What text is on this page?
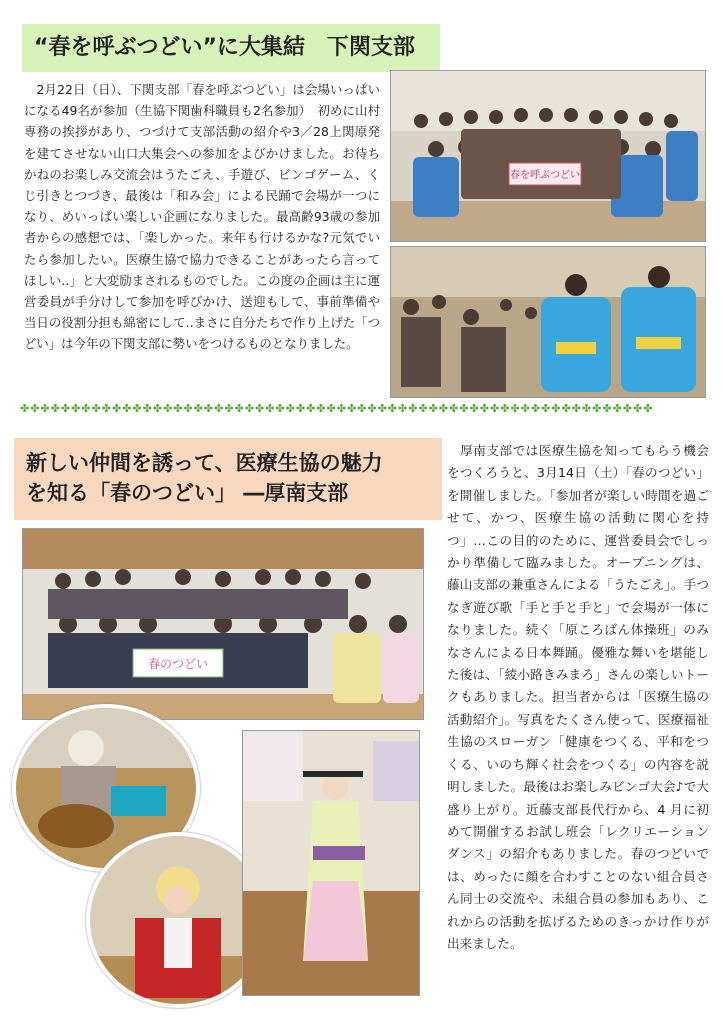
“春を呼ぶつどい”に大集結　下関支部
　2月22日（日）、下関支部「春を呼ぶつどい」は会場いっぱいになる49名が参加（生協下関歯科職員も2名参加）　初めに山村専務の挨拶があり、つづけて支部活動の紹介や3／28上関原発を建てさせない山口大集会への参加をよびかけました。お待ちかねのお楽しみ交流会はうたごえ、手遊び、ビンゴゲーム、くじ引きとつづき、最後は「和み会」による民踊で会場が一つになり、めいっぱい楽しい企画になりました。最高齢93歳の参加者からの感想では、「楽しかった。来年も行けるかな?元気でいたら参加したい。医療生協で協力できることがあったら言ってほしい‥」と大変励まされるものでした。この度の企画は主に運営委員が手分けして参加を呼びかけ、送迎もして、事前準備や当日の役割分担も綿密にして‥まさに自分たちで作り上げた「つどい」は今年の下関支部に勢いをつけるものとなりました。
春を呼ぶつどい
✤✤✤✤✤✤✤✤✤✤✤✤✤✤✤✤✤✤✤✤✤✤✤✤✤✤✤✤✤✤✤✤✤✤✤✤✤✤✤✤✤✤✤✤✤✤✤✤✤✤✤✤✤✤✤✤✤✤✤✤✤✤
新しい仲間を誘って、医療生協の魅力
を知る「春のつどい」 ―厚南支部
春のつどい
　厚南支部では医療生協を知ってもらう機会をつくろうと、3月14日（土）「春のつどい」を開催しました。「参加者が楽しい時間を過ごせて、かつ、医療生協の活動に関心を持つ」…この目的のために、運営委員会でしっかり準備して臨みました。オープニングは、藤山支部の兼重さんによる「うたごえ」。手つなぎ遊び歌「手と手と手と」で会場が一体になりました。続く「原ころばん体操班」のみなさんによる日本舞踊。優雅な舞いを堪能した後は、「綾小路きみまろ」さんの楽しいトークもありました。担当者からは「医療生協の活動紹介」。写真をたくさん使って、医療福祉生協のスローガン「健康をつくる、平和をつくる、いのち輝く社会をつくる」の内容を説明しました。最後はお楽しみビンゴ大会♪で大盛り上がり。近藤支部長代行から、4 月に初めて開催するお試し班会「レクリエーションダンス」の紹介もありました。春のつどいでは、めったに顔を合わすことのない組合員さん同士の交流や、未組合員の参加もあり、これからの活動を拡げるためのきっかけ作りが出来ました。
